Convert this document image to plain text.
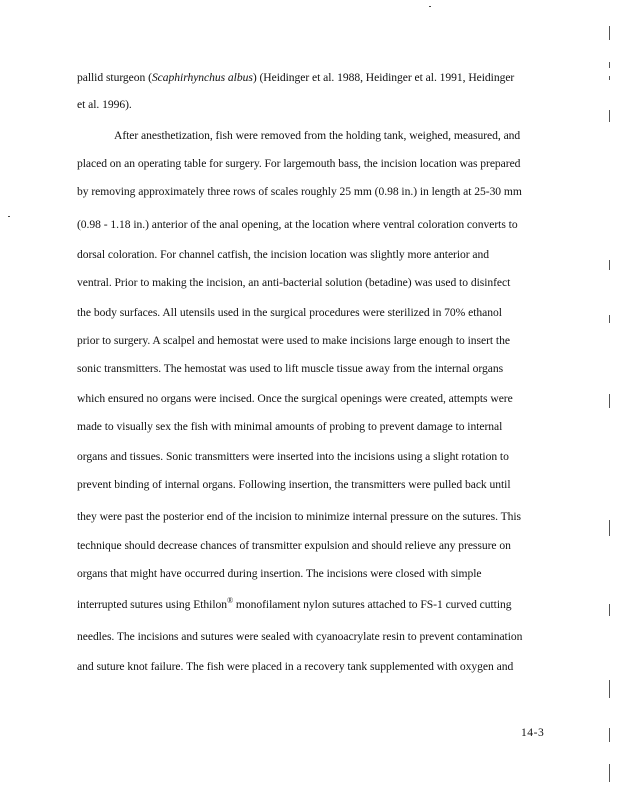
pallid sturgeon (Scaphirhynchus albus) (Heidinger et al. 1988, Heidinger et al. 1991, Heidinger
et al. 1996).
After anesthetization, fish were removed from the holding tank, weighed, measured, and
placed on an operating table for surgery. For largemouth bass, the incision location was prepared
by removing approximately three rows of scales roughly 25 mm (0.98 in.) in length at 25-30 mm
(0.98 - 1.18 in.) anterior of the anal opening, at the location where ventral coloration converts to
dorsal coloration. For channel catfish, the incision location was slightly more anterior and
ventral. Prior to making the incision, an anti-bacterial solution (betadine) was used to disinfect
the body surfaces. All utensils used in the surgical procedures were sterilized in 70% ethanol
prior to surgery. A scalpel and hemostat were used to make incisions large enough to insert the
sonic transmitters. The hemostat was used to lift muscle tissue away from the internal organs
which ensured no organs were incised. Once the surgical openings were created, attempts were
made to visually sex the fish with minimal amounts of probing to prevent damage to internal
organs and tissues. Sonic transmitters were inserted into the incisions using a slight rotation to
prevent binding of internal organs. Following insertion, the transmitters were pulled back until
they were past the posterior end of the incision to minimize internal pressure on the sutures. This
technique should decrease chances of transmitter expulsion and should relieve any pressure on
organs that might have occurred during insertion. The incisions were closed with simple
interrupted sutures using Ethilon® monofilament nylon sutures attached to FS-1 curved cutting
needles. The incisions and sutures were sealed with cyanoacrylate resin to prevent contamination
and suture knot failure. The fish were placed in a recovery tank supplemented with oxygen and
14-3
